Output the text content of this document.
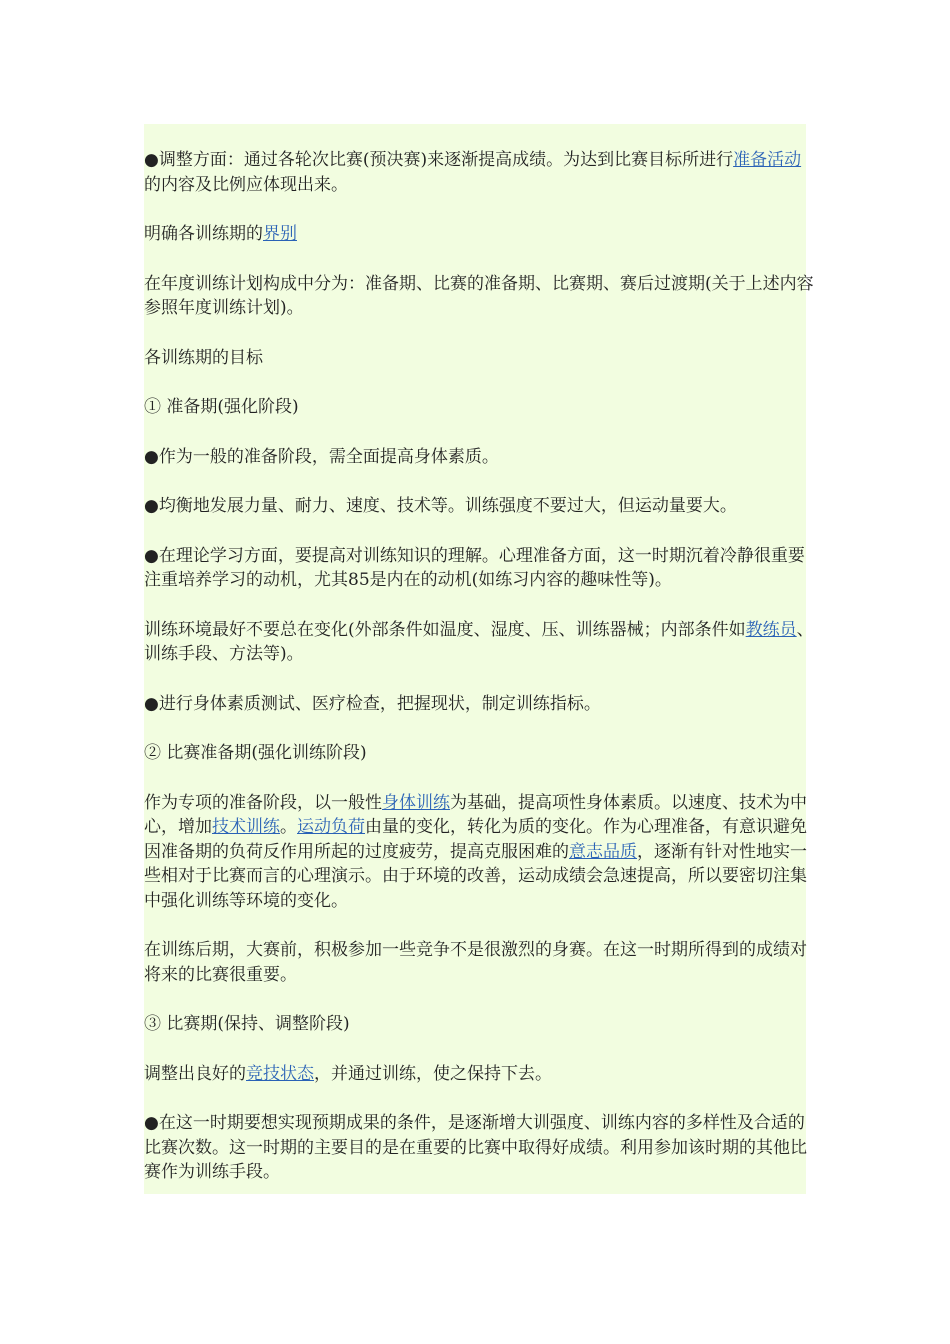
●调整方面：通过各轮次比赛(预决赛)来逐渐提高成绩。为达到比赛目标所进行准备活动的内容及比例应体现出来。

明确各训练期的界别

在年度训练计划构成中分为：准备期、比赛的准备期、比赛期、赛后过渡期(关于上述内容参照年度训练计划)。

各训练期的目标

① 准备期(强化阶段)

●作为一般的准备阶段，需全面提高身体素质。

●均衡地发展力量、耐力、速度、技术等。训练强度不要过大，但运动量要大。

●在理论学习方面，要提高对训练知识的理解。心理准备方面，这一时期沉着冷静很重要注重培养学习的动机，尤其85是内在的动机(如练习内容的趣味性等)。

训练环境最好不要总在变化(外部条件如温度、湿度、压、训练器械；内部条件如教练员、训练手段、方法等)。

●进行身体素质测试、医疗检查，把握现状，制定训练指标。

② 比赛准备期(强化训练阶段)

作为专项的准备阶段，以一般性身体训练为基础，提高项性身体素质。以速度、技术为中心，增加技术训练。运动负荷由量的变化，转化为质的变化。作为心理准备，有意识避免因准备期的负荷反作用所起的过度疲劳，提高克服困难的意志品质，逐渐有针对性地实一些相对于比赛而言的心理演示。由于环境的改善，运动成绩会急速提高，所以要密切注集中强化训练等环境的变化。

在训练后期，大赛前，积极参加一些竞争不是很激烈的身赛。在这一时期所得到的成绩对将来的比赛很重要。

③ 比赛期(保持、调整阶段)

调整出良好的竞技状态，并通过训练，使之保持下去。

●在这一时期要想实现预期成果的条件，是逐渐增大训强度、训练内容的多样性及合适的比赛次数。这一时期的主要目的是在重要的比赛中取得好成绩。利用参加该时期的其他比赛作为训练手段。
